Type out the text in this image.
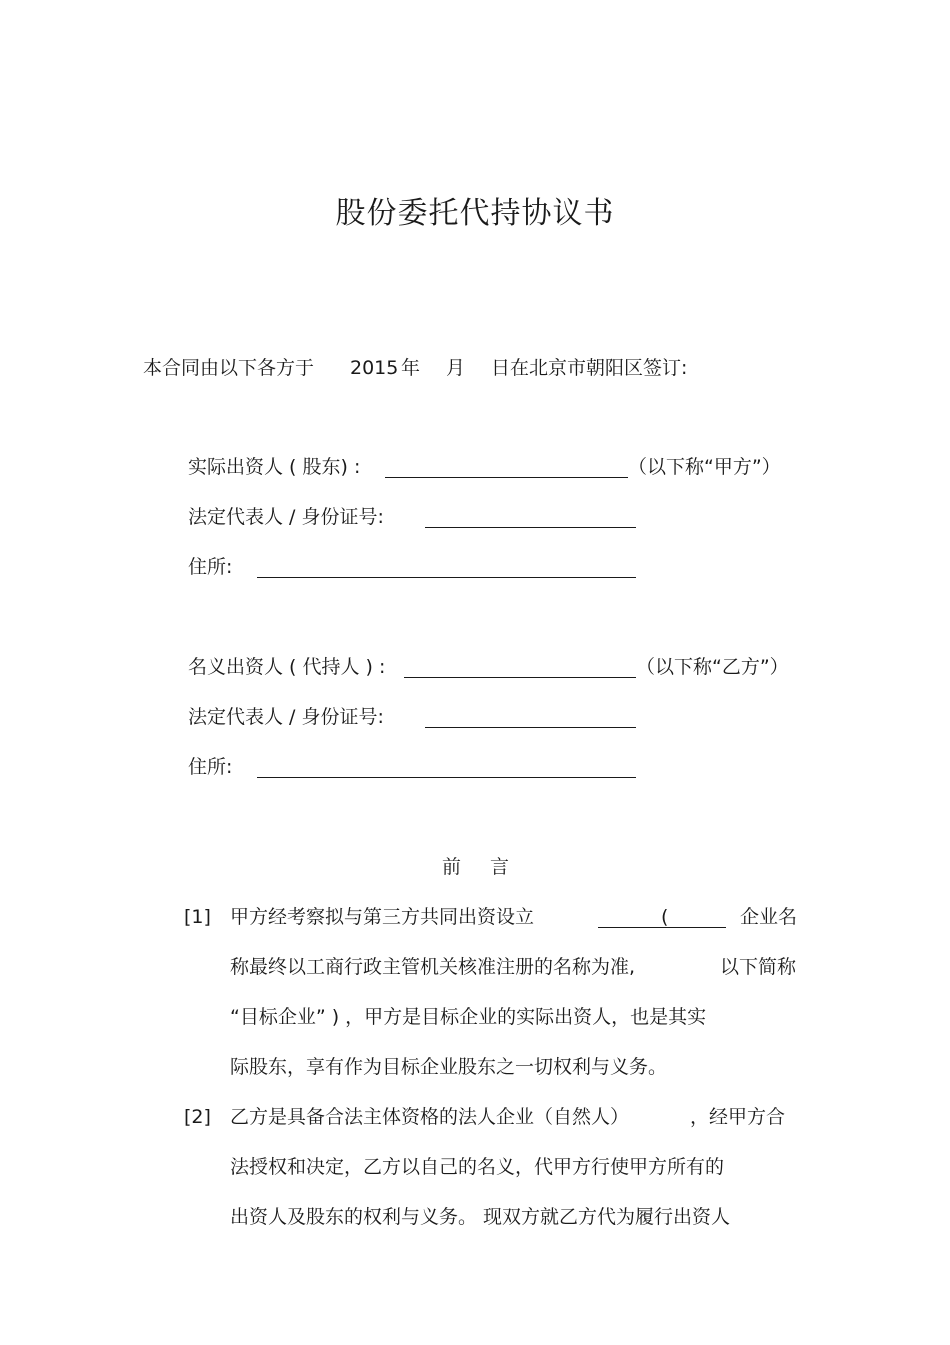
股份委托代持协议书
本合同由以下各方于 2015 年 月 日在北京市朝阳区签订:
实际出资人 ( 股东) :	（以下称“甲方”）
法定代表人 / 身份证号:
住所:
名义出资人 ( 代持人 ) :	（以下称“乙方”）
法定代表人 / 身份证号:
住所:
前 言
[1] 甲方经考察拟与第三方共同出资设立	(	企业名
称最终以工商行政主管机关核准注册的名称为准,	以下简称
“目标企业” ) ，甲方是目标企业的实际出资人，也是其实
际股东，享有作为目标企业股东之一切权利与义务。
[2] 乙方是具备合法主体资格的法人企业（自然人）	，经甲方合
法授权和决定，乙方以自己的名义，代甲方行使甲方所有的
出资人及股东的权利与义务。 现双方就乙方代为履行出资人
